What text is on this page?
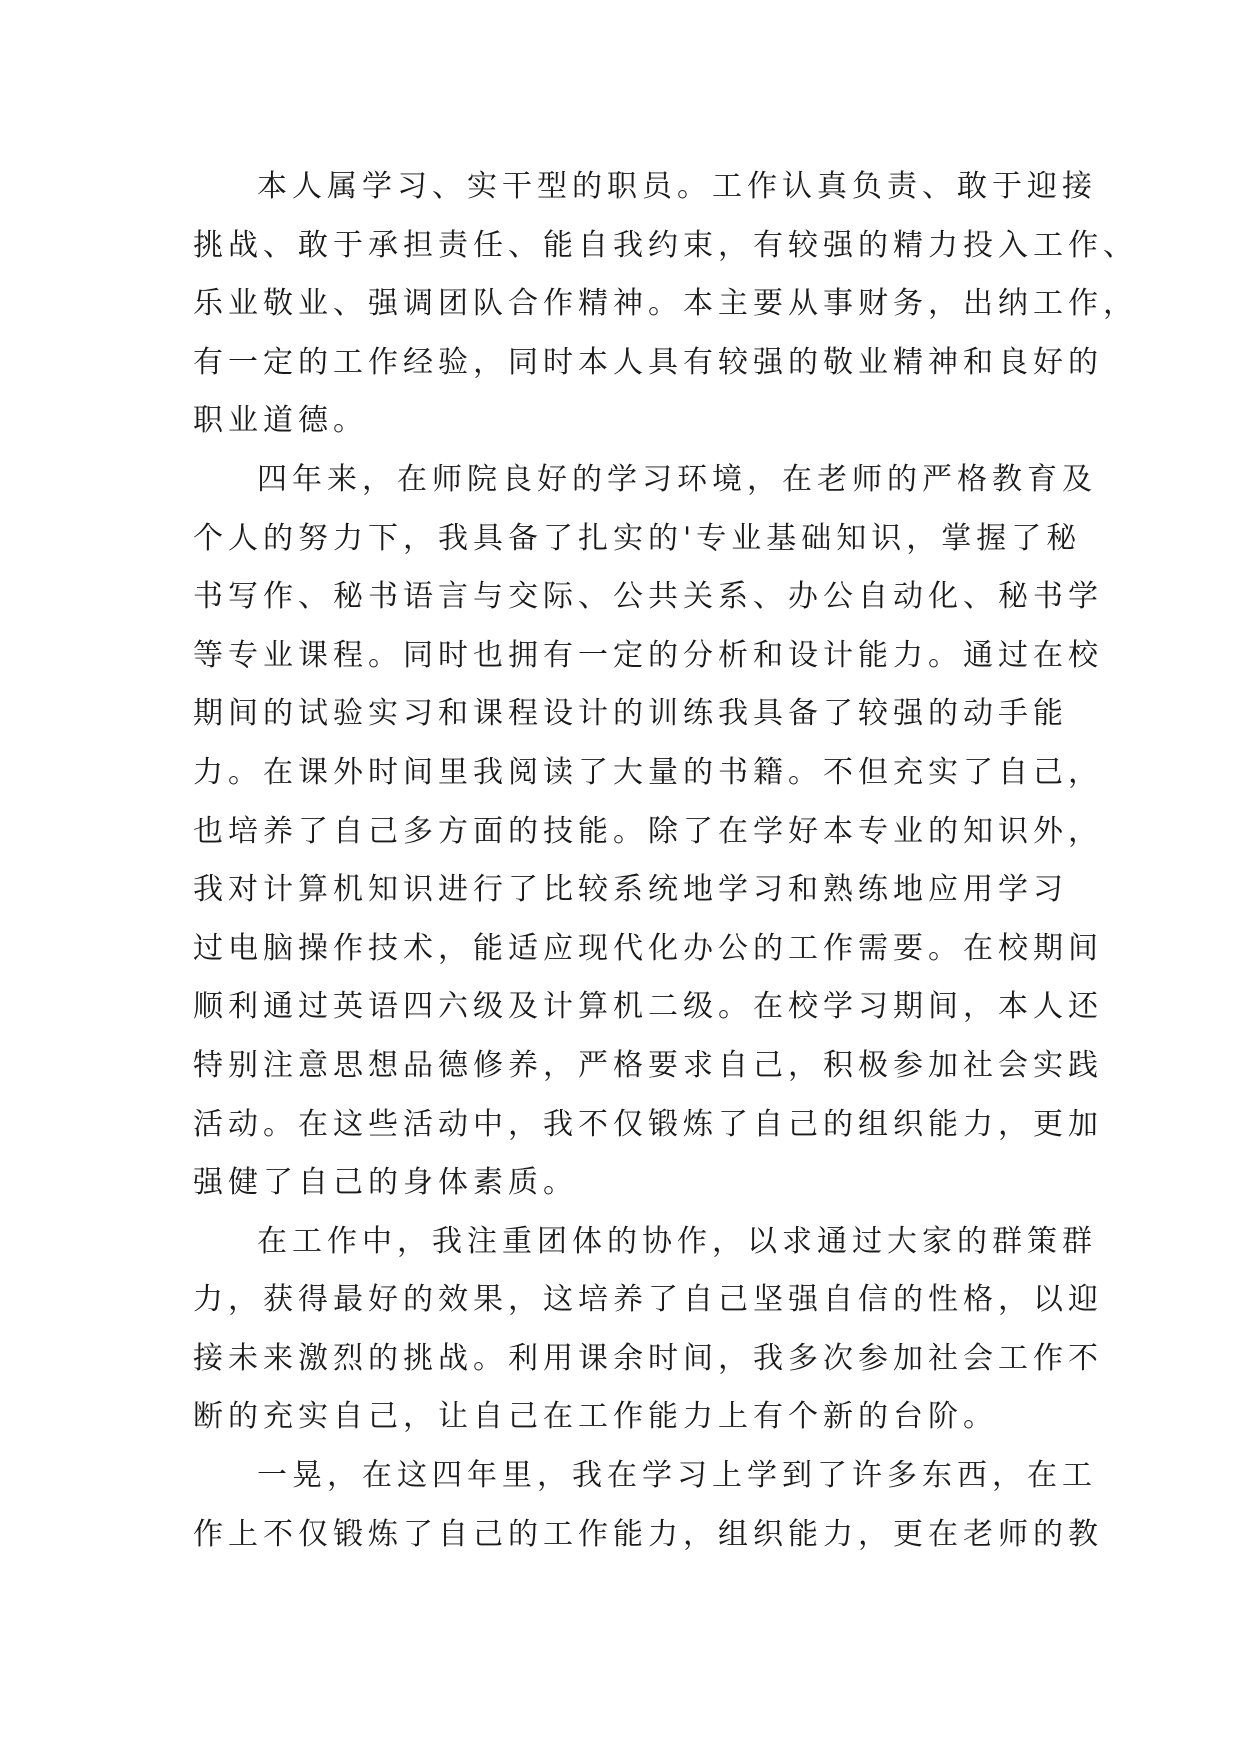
本人属学习、实干型的职员。工作认真负责、敢于迎接
挑战、敢于承担责任、能自我约束，有较强的精力投入工作、
乐业敬业、强调团队合作精神。本主要从事财务，出纳工作，
有一定的工作经验，同时本人具有较强的敬业精神和良好的
职业道德。
四年来，在师院良好的学习环境，在老师的严格教育及
个人的努力下，我具备了扎实的'专业基础知识，掌握了秘
书写作、秘书语言与交际、公共关系、办公自动化、秘书学
等专业课程。同时也拥有一定的分析和设计能力。通过在校
期间的试验实习和课程设计的训练我具备了较强的动手能
力。在课外时间里我阅读了大量的书籍。不但充实了自己，
也培养了自己多方面的技能。除了在学好本专业的知识外，
我对计算机知识进行了比较系统地学习和熟练地应用学习
过电脑操作技术，能适应现代化办公的工作需要。在校期间
顺利通过英语四六级及计算机二级。在校学习期间，本人还
特别注意思想品德修养，严格要求自己，积极参加社会实践
活动。在这些活动中，我不仅锻炼了自己的组织能力，更加
强健了自己的身体素质。
在工作中，我注重团体的协作，以求通过大家的群策群
力，获得最好的效果，这培养了自己坚强自信的性格，以迎
接未来激烈的挑战。利用课余时间，我多次参加社会工作不
断的充实自己，让自己在工作能力上有个新的台阶。
一晃，在这四年里，我在学习上学到了许多东西，在工
作上不仅锻炼了自己的工作能力，组织能力，更在老师的教
